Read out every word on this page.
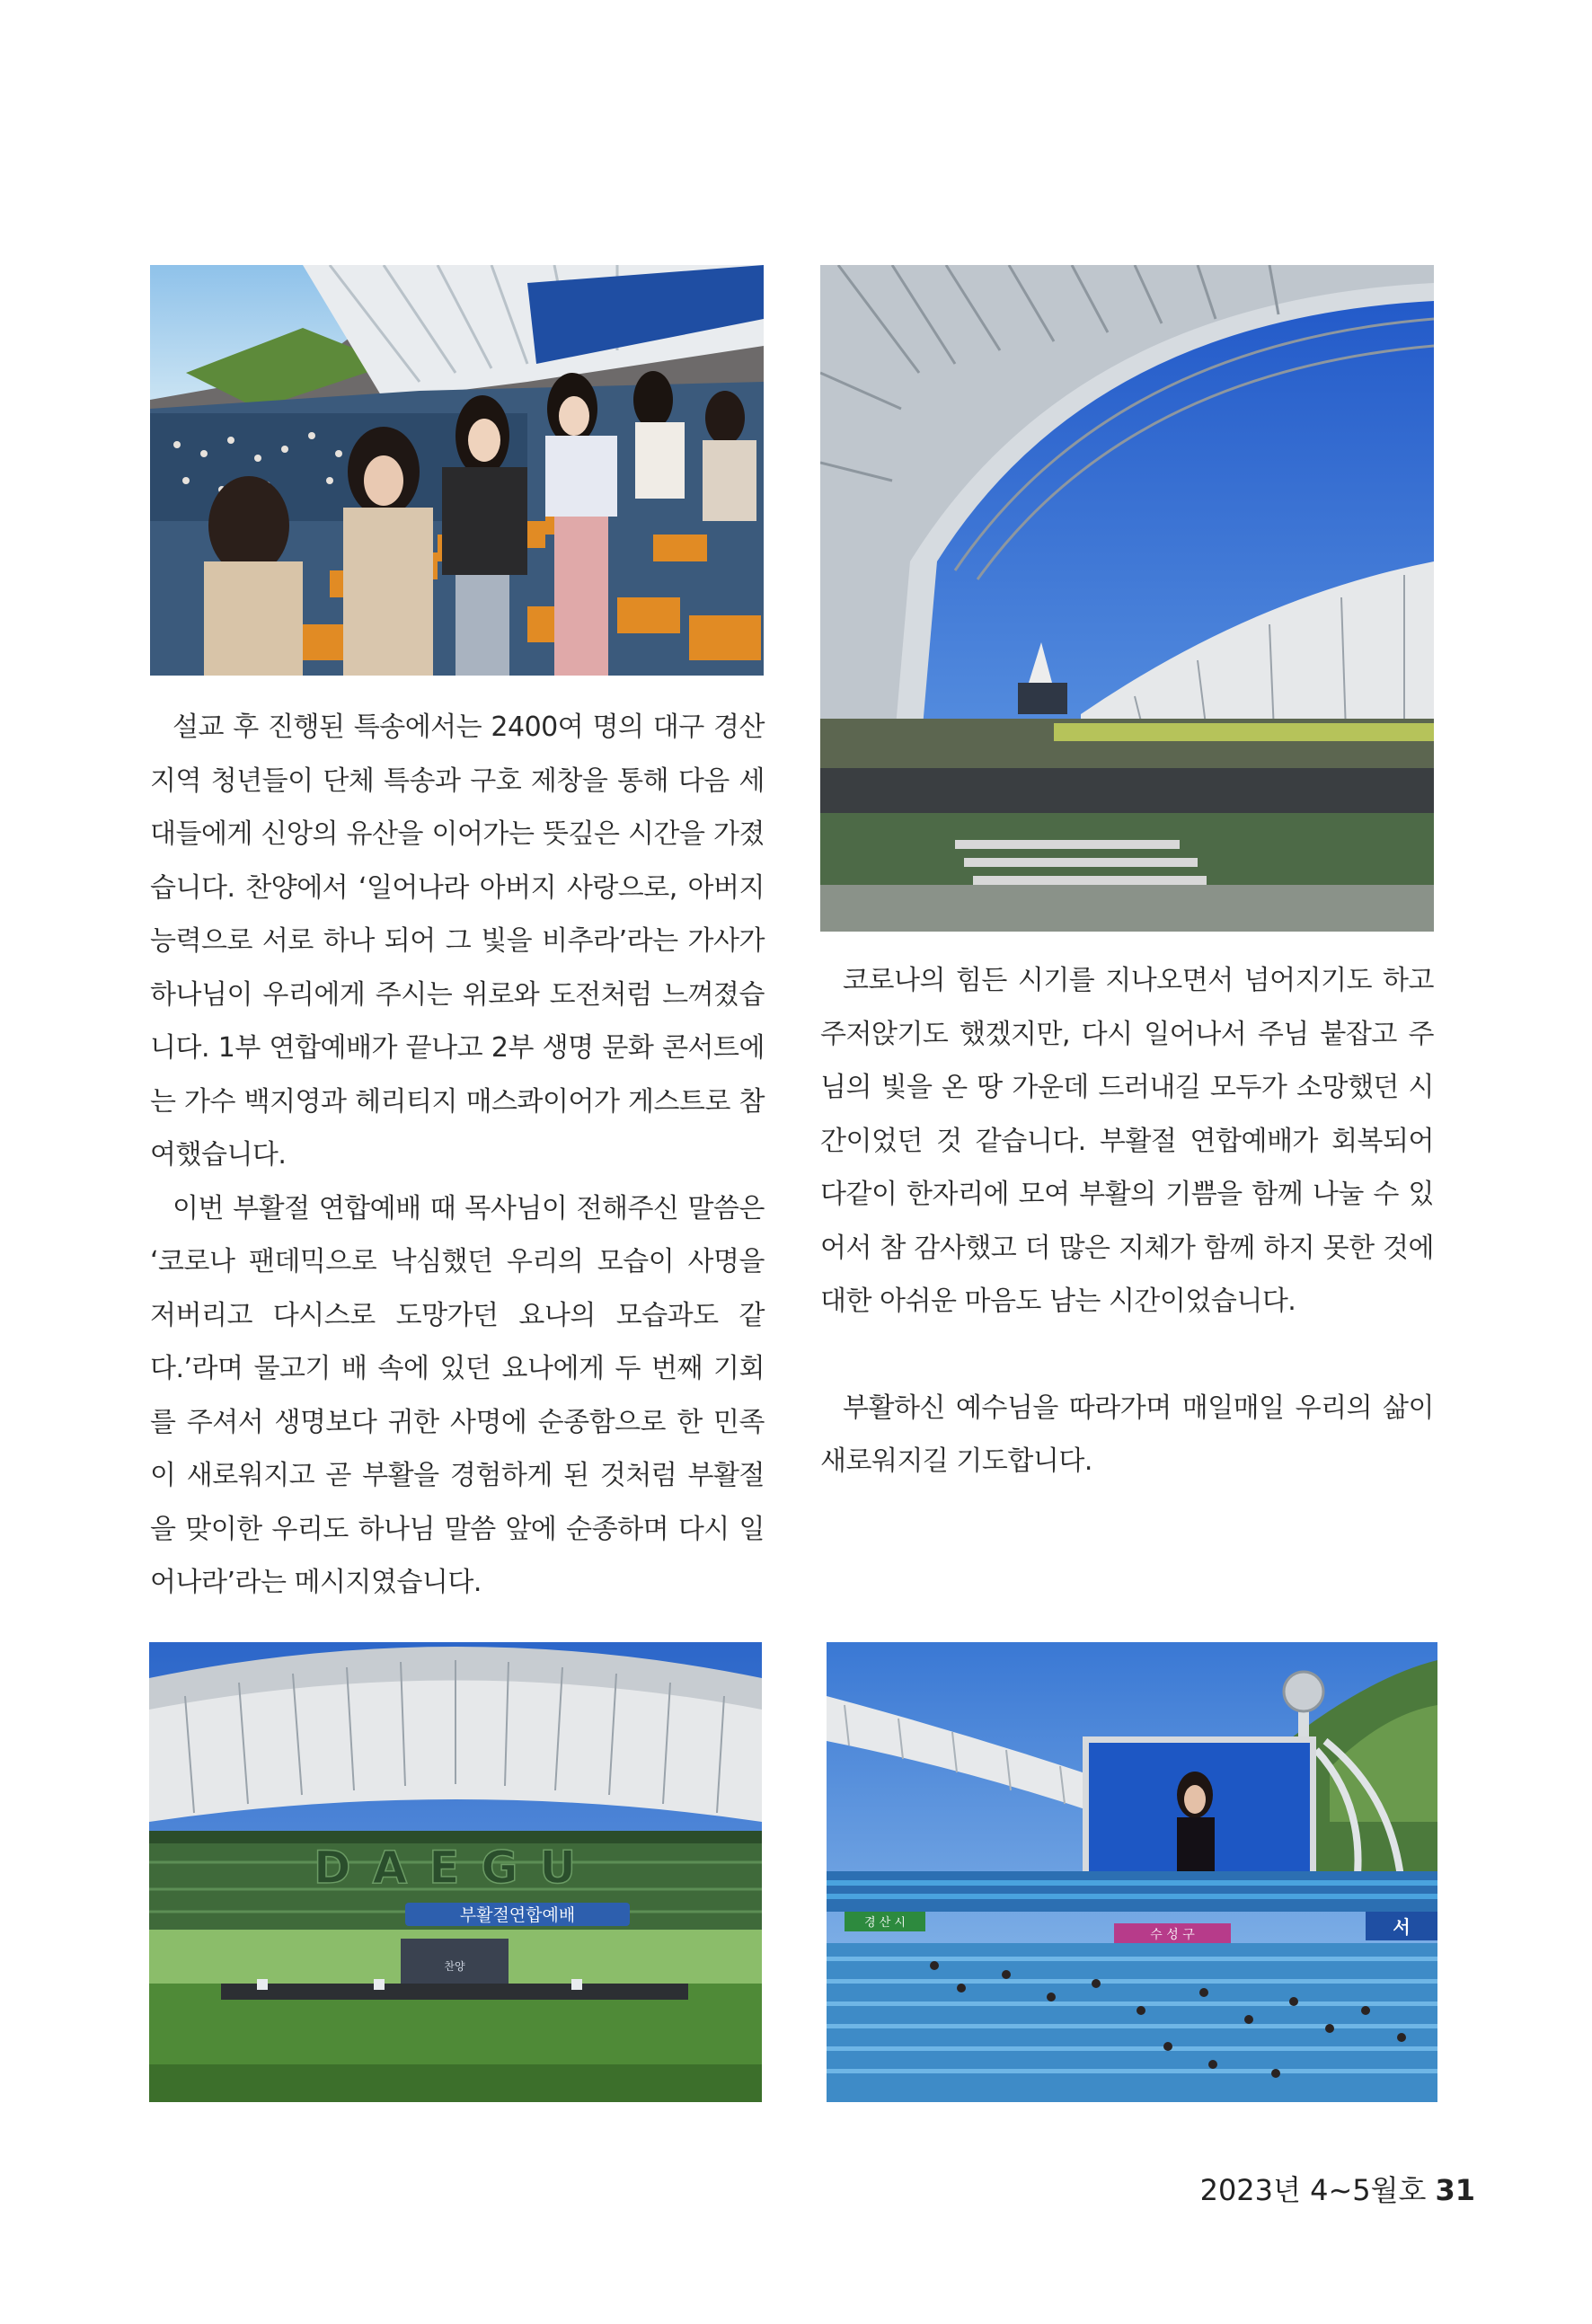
설교 후 진행된 특송에서는 2400여 명의 대구 경산지역 청년들이 단체 특송과 구호 제창을 통해 다음 세대들에게 신앙의 유산을 이어가는 뜻깊은 시간을 가졌습니다. 찬양에서 ‘일어나라 아버지 사랑으로, 아버지 능력으로 서로 하나 되어 그 빛을 비추라’라는 가사가 하나님이 우리에게 주시는 위로와 도전처럼 느껴졌습니다. 1부 연합예배가 끝나고 2부 생명 문화 콘서트에는 가수 백지영과 헤리티지 매스콰이어가 게스트로 참여했습니다.

이번 부활절 연합예배 때 목사님이 전해주신 말씀은 ‘코로나 팬데믹으로 낙심했던 우리의 모습이 사명을 저버리고 다시스로 도망가던 요나의 모습과도 같다.’라며 물고기 배 속에 있던 요나에게 두 번째 기회를 주셔서 생명보다 귀한 사명에 순종함으로 한 민족이 새로워지고 곧 부활을 경험하게 된 것처럼 부활절을 맞이한 우리도 하나님 말씀 앞에 순종하며 다시 일어나라’라는 메시지였습니다.

코로나의 힘든 시기를 지나오면서 넘어지기도 하고 주저앉기도 했겠지만, 다시 일어나서 주님 붙잡고 주님의 빛을 온 땅 가운데 드러내길 모두가 소망했던 시간이었던 것 같습니다. 부활절 연합예배가 회복되어 다같이 한자리에 모여 부활의 기쁨을 함께 나눌 수 있어서 참 감사했고 더 많은 지체가 함께 하지 못한 것에 대한 아쉬운 마음도 남는 시간이었습니다.

부활하신 예수님을 따라가며 매일매일 우리의 삶이 새로워지길 기도합니다.

DAEGU
부활절연합예배
찬양
경 산 시
수 성 구	서
2023년 4~5월호 31
